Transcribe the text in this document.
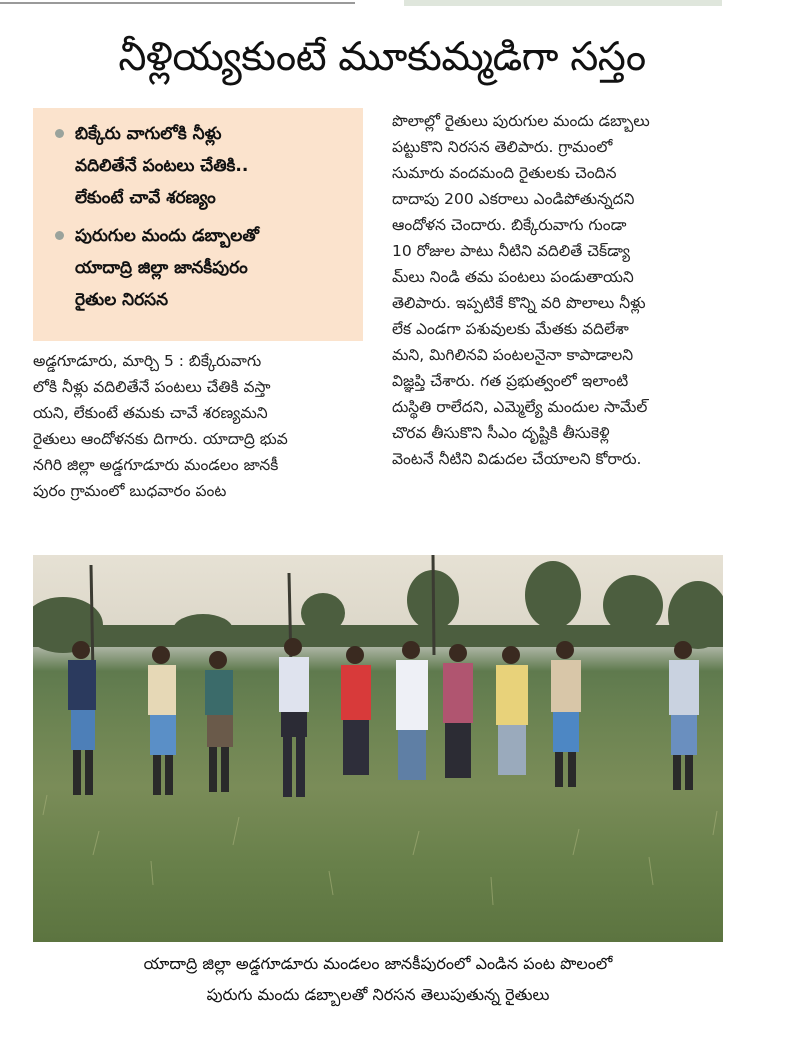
నీళ్లియ్యకుంటే మూకుమ్మడిగా సస్తం
బిక్కేరు వాగులోకి నీళ్లు
వదిలితేనే పంటలు చేతికి..
లేకుంటే చావే శరణ్యం
పురుగుల మందు డబ్బాలతో
యాదాద్రి జిల్లా జానకీపురం
రైతుల నిరసన
అడ్డగూడూరు, మార్చి 5 : బిక్కేరువాగు
లోకి నీళ్లు వదిలితేనే పంటలు చేతికి వస్తా
యని, లేకుంటే తమకు చావే శరణ్యమని
రైతులు ఆందోళనకు దిగారు. యాదాద్రి భువ
నగిరి జిల్లా అడ్డగూడూరు మండలం జానకీ
పురం గ్రామంలో బుధవారం పంట
పొలాల్లో రైతులు పురుగుల మందు డబ్బాలు
పట్టుకొని నిరసన తెలిపారు. గ్రామంలో
సుమారు వందమంది రైతులకు చెందిన
దాదాపు 200 ఎకరాలు ఎండిపోతున్నదని
ఆందోళన చెందారు. బిక్కేరువాగు గుండా
10 రోజుల పాటు నీటిని వదిలితే చెక్‌డ్యా
మ్‌లు నిండి తమ పంటలు పండుతాయని
తెలిపారు. ఇప్పటికే కొన్ని వరి పొలాలు నీళ్లు
లేక ఎండగా పశువులకు మేతకు వదిలేశా
మని, మిగిలినవి పంటలనైనా కాపాడాలని
విజ్ఞప్తి చేశారు. గత ప్రభుత్వంలో ఇలాంటి
దుస్థితి రాలేదని, ఎమ్మెల్యే మందుల సామేల్
చొరవ తీసుకొని సీఎం దృష్టికి తీసుకెళ్లి
వెంటనే నీటిని విడుదల చేయాలని కోరారు.
యాదాద్రి జిల్లా అడ్డగూడూరు మండలం జానకీపురంలో ఎండిన పంట పొలంలో
పురుగు మందు డబ్బాలతో నిరసన తెలుపుతున్న రైతులు
